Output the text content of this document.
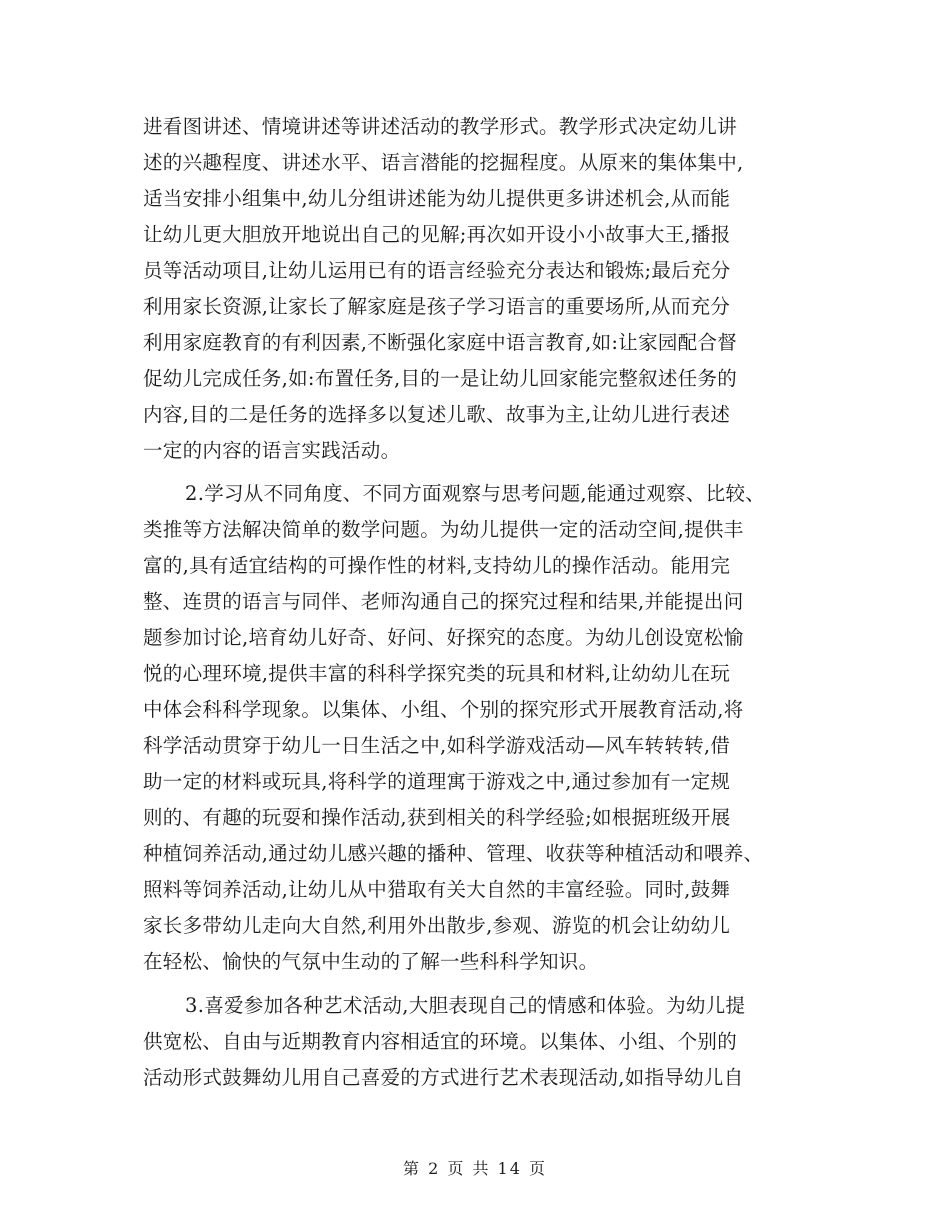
进看图讲述、情境讲述等讲述活动的教学形式。教学形式决定幼儿讲
述的兴趣程度、讲述水平、语言潜能的挖掘程度。从原来的集体集中,
适当安排小组集中,幼儿分组讲述能为幼儿提供更多讲述机会,从而能
让幼儿更大胆放开地说出自己的见解;再次如开设小小故事大王,播报
员等活动项目,让幼儿运用已有的语言经验充分表达和锻炼;最后充分
利用家长资源,让家长了解家庭是孩子学习语言的重要场所,从而充分
利用家庭教育的有利因素,不断强化家庭中语言教育,如:让家园配合督
促幼儿完成任务,如:布置任务,目的一是让幼儿回家能完整叙述任务的
内容,目的二是任务的选择多以复述儿歌、故事为主,让幼儿进行表述
一定的内容的语言实践活动。
2.学习从不同角度、不同方面观察与思考问题,能通过观察、比较、
类推等方法解决简单的数学问题。为幼儿提供一定的活动空间,提供丰
富的,具有适宜结构的可操作性的材料,支持幼儿的操作活动。能用完
整、连贯的语言与同伴、老师沟通自己的探究过程和结果,并能提出问
题参加讨论,培育幼儿好奇、好问、好探究的态度。为幼儿创设宽松愉
悦的心理环境,提供丰富的科科学探究类的玩具和材料,让幼幼儿在玩
中体会科科学现象。以集体、小组、个别的探究形式开展教育活动,将
科学活动贯穿于幼儿一日生活之中,如科学游戏活动—风车转转转,借
助一定的材料或玩具,将科学的道理寓于游戏之中,通过参加有一定规
则的、有趣的玩耍和操作活动,获到相关的科学经验;如根据班级开展
种植饲养活动,通过幼儿感兴趣的播种、管理、收获等种植活动和喂养、
照料等饲养活动,让幼儿从中猎取有关大自然的丰富经验。同时,鼓舞
家长多带幼儿走向大自然,利用外出散步,参观、游览的机会让幼幼儿
在轻松、愉快的气氛中生动的了解一些科科学知识。
3.喜爱参加各种艺术活动,大胆表现自己的情感和体验。为幼儿提
供宽松、自由与近期教育内容相适宜的环境。以集体、小组、个别的
活动形式鼓舞幼儿用自己喜爱的方式进行艺术表现活动,如指导幼儿自
第 2 页 共 14 页
